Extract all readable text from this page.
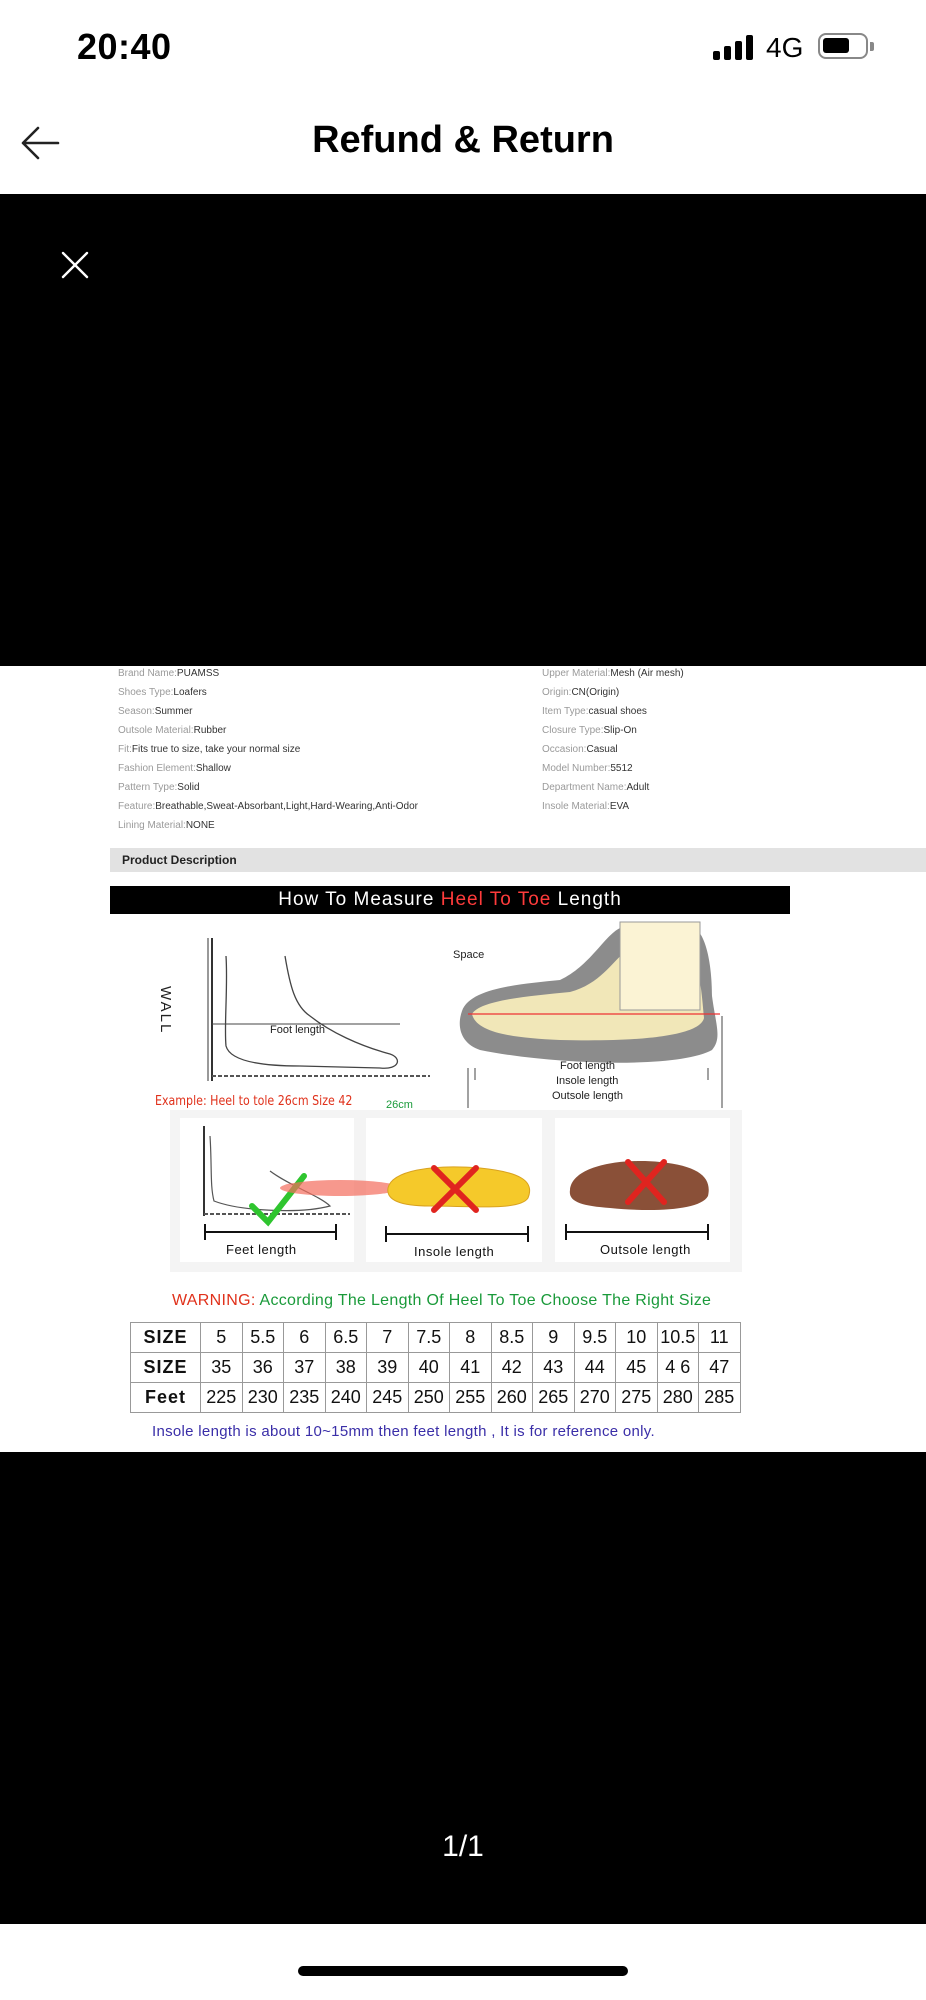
20:40	4G
Refund & Return
Brand Name:PUAMSS
Shoes Type:Loafers
Season:Summer
Outsole Material:Rubber
Fit:Fits true to size, take your normal size
Fashion Element:Shallow
Pattern Type:Solid
Feature:Breathable,Sweat-Absorbant,Light,Hard-Wearing,Anti-Odor
Lining Material:NONE
Upper Material:Mesh (Air mesh)
Origin:CN(Origin)
Item Type:casual shoes
Closure Type:Slip-On
Occasion:Casual
Model Number:5512
Department Name:Adult
Insole Material:EVA
Product Description
How To Measure Heel To Toe Length
WALL	Foot length
Space
Foot length
Insole length
Outsole length
Example: Heel to tole 26cm Size 42	26cm
Feet length	Insole length	Outsole length
WARNING: According The Length Of Heel To Toe Choose The Right Size
SIZE	5	5.5	6	6.5	7	7.5	8	8.5	9	9.5	10	10.5	11
SIZE	35	36	37	38	39	40	41	42	43	44	45	4 6	47
Feet	225	230	235	240	245	250	255	260	265	270	275	280	285
Insole length is about 10~15mm then feet length , It is for reference only.
1/1
